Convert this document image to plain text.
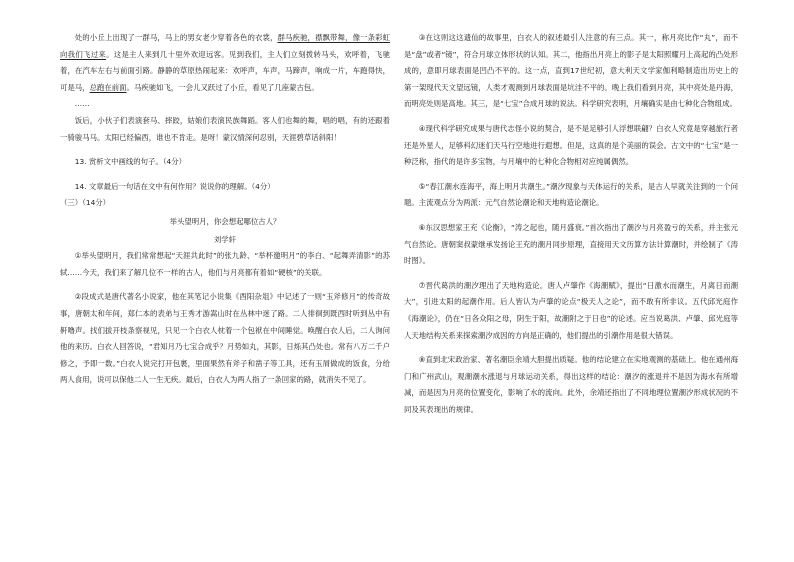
处的小丘上出现了一群马，马上的男女老少穿着各色的衣裳，群马疾驰，襟飘带舞，像一条彩虹向我们飞过来。这是主人来到几十里外欢迎远客。见到我们，主人们立刻拨转马头，欢呼着，飞驰着，在汽车左右与前面引路。静静的草原热闹起来：欢呼声，车声，马蹄声，响成一片，车跑得快，可是马，总跑在前面。马疾驰如飞，一会儿又跃过了小丘，看见了几座蒙古包。

……

饭后，小伙子们表演套马、摔跤，姑娘们表演民族舞蹈。客人们也舞的舞，唱的唱，有的还跟着一骑骏马马。太阳已经偏西，谁也不肯走。是呀！蒙汉情深何忍别，天涯碧草话斜阳！

13. 赏析文中画线的句子。（4分）

14. 文章最后一句话在文中有何作用？说说你的理解。（4分）

（三）（14分）

举头望明月，你会想起哪位古人？

刘学轩

①举头望明月，我们常常想起“天涯共此时”的张九龄、“举杯邀明月”的李白、“起舞弄清影”的苏轼……今天，我们来了解几位不一样的古人，他们与月亮都有着如“硬核”的关联。

②段成式是唐代著名小说家，他在其笔记小说集《酉阳杂俎》中记述了一则“玉斧修月”的传奇故事，唐朝太和年间，郑仁本的表弟与王秀才游嵩山时在丛林中迷了路。二人徘徊到既西时听到丛中有鼾噜声。找们拔开枝条察视见，只见一个白衣人枕着一个包袱在中间睡觉。唤醒白衣人后，二人询问他的来历。白衣人回答说，“君知月乃七宝合成乎？月势如丸，其影，日烁其凸处也。常有八万二千户修之，予即一数。”白衣人说完打开包裹，里面果然有斧子和凿子等工具，还有玉屑做成的饭食，分给两人食用，说可以保他二人一生无疾。最后，白衣人为两人指了一条回家的路，就消失不见了。

③在这则这这遗仙的故事里，白衣人的叙述最引人注意的有三点。其一，称月亮比作“丸”，而不是“盘”或者“镜”，符合月球立体形状的认知。其二，他指出月亮上的影子是太阳照耀月上高起的凸处形成的，意即月球表面是凹凸不平的。这一点，直到17世纪初，意大利天文学家伽利略制造出历史上的第一架现代天文望远镜，人类才观测到月球表面是坑洼不平的。晚上我们看到月亮，其中亮处是丹海，而明亮处则是高地。其三，是“七宝”合成月球的说法。科学研究表明，月壤确实是由七种化合物组成。

④现代科学研究成果与唐代志怪小说的契合，是不是足够引人浮想联翩？白衣人究竟是穿越旅行者还是外星人，足够科幻迷们天马行空地进行遐想。但是，这真的是个美丽的误会。古文中的“七宝”是一种泛称，指代的是许多宝物，与月壤中的七种化合物相对应纯属偶然。

⑤“春江潮水连海平，海上明月共潮生。”潮汐现象与天体运行的关系，是古人早就关注到的一个问题。主流观点分为两派：元气自然论潮论和天地构造论潮论。

⑥东汉思想家王充《论衡》，“涛之起也，随月盛衰。”首次指出了潮汐与月亮盈亏的关系，并主张元气自然论。唐朝窦叔蒙继承发扬论王充的潮月同步原理，直接用天文历算方法计算潮时，并绘制了《涛时图》。

⑦晋代葛洪的潮汐理出了天地构造论。唐人卢肇作《海潮赋》，提出“日激水而潮生，月离日而潮大”，引进太阳的起潮作用。后人皆认为卢肇的论点“极天人之论”，而不敢有所非议。五代邱光庭作《海潮论》，仍在“日各众阳之母，阴生于阳，故潮附之于日也”的论述。应当说葛洪、卢肇、邱光庭等人天地结构关系来探索潮汐成因的方向是正确的，他们提出的引潮作用是很大错误。

⑧直到北宋政治家、著名潮臣余靖大胆提出质疑。他的结论建立在实地观测的基础上。他在通州海门和广州武山，观潮潮水涨退与月球运动关系，得出这样的结论：潮汐的涨退并不是因为海水有所增减，而是因为月亮的位置变化，影响了水的流向。此外，余靖还指出了不同地理位置潮汐形成状况的不同及其表现出的规律。
